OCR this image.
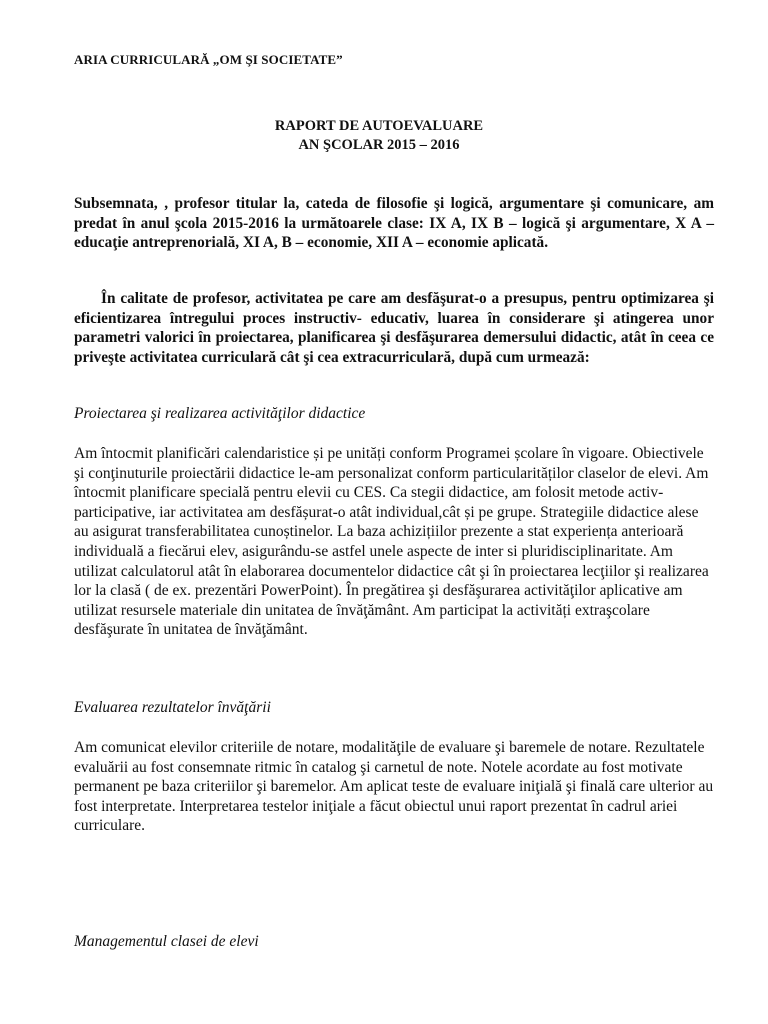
ARIA CURRICULARĂ „OM ŞI SOCIETATE”

RAPORT DE AUTOEVALUARE

AN ŞCOLAR 2015 – 2016

Subsemnata, , profesor titular la, cateda de filosofie şi logică, argumentare şi comunicare, am predat în anul şcola 2015-2016 la următoarele clase: IX A, IX B – logică şi argumentare, X A – educaţie antreprenorială, XI A, B – economie, XII A – economie aplicată.

În calitate de profesor, activitatea pe care am desfăşurat-o a presupus, pentru optimizarea şi eficientizarea întregului proces instructiv- educativ, luarea în considerare şi atingerea unor parametri valorici în proiectarea, planificarea şi desfăşurarea demersului didactic, atât în ceea ce priveşte activitatea curriculară cât şi cea extracurriculară, după cum urmează:

Proiectarea şi realizarea activităţilor didactice

Am întocmit planificări calendaristice și pe unități conform Programei școlare în vigoare. Obiectivele şi conţinuturile proiectării didactice le-am personalizat conform particularităților claselor de elevi. Am întocmit planificare specială pentru elevii cu CES. Ca stegii didactice, am folosit metode activ-participative, iar activitatea am desfășurat-o atât individual,cât și pe grupe. Strategiile didactice alese au asigurat transferabilitatea cunoștinelor. La baza achizițiilor prezente a stat experiența anterioară individuală a fiecărui elev, asigurându-se astfel unele aspecte de inter si pluridisciplinaritate. Am utilizat calculatorul atât în elaborarea documentelor didactice cât şi în proiectarea lecţiilor şi realizarea lor la clasă ( de ex. prezentări PowerPoint). În pregătirea şi desfăşurarea activităţilor aplicative am utilizat resursele materiale din unitatea de învăţământ. Am participat la activități extraşcolare desfăşurate în unitatea de învăţământ.

Evaluarea rezultatelor învăţării

Am comunicat elevilor criteriile de notare, modalităţile de evaluare şi baremele de notare. Rezultatele evaluării au fost consemnate ritmic în catalog şi carnetul de note. Notele acordate au fost motivate permanent pe baza criteriilor şi baremelor. Am aplicat teste de evaluare iniţială şi finală care ulterior au fost interpretate. Interpretarea testelor iniţiale a făcut obiectul unui raport prezentat în cadrul ariei curriculare.

Managementul clasei de elevi
